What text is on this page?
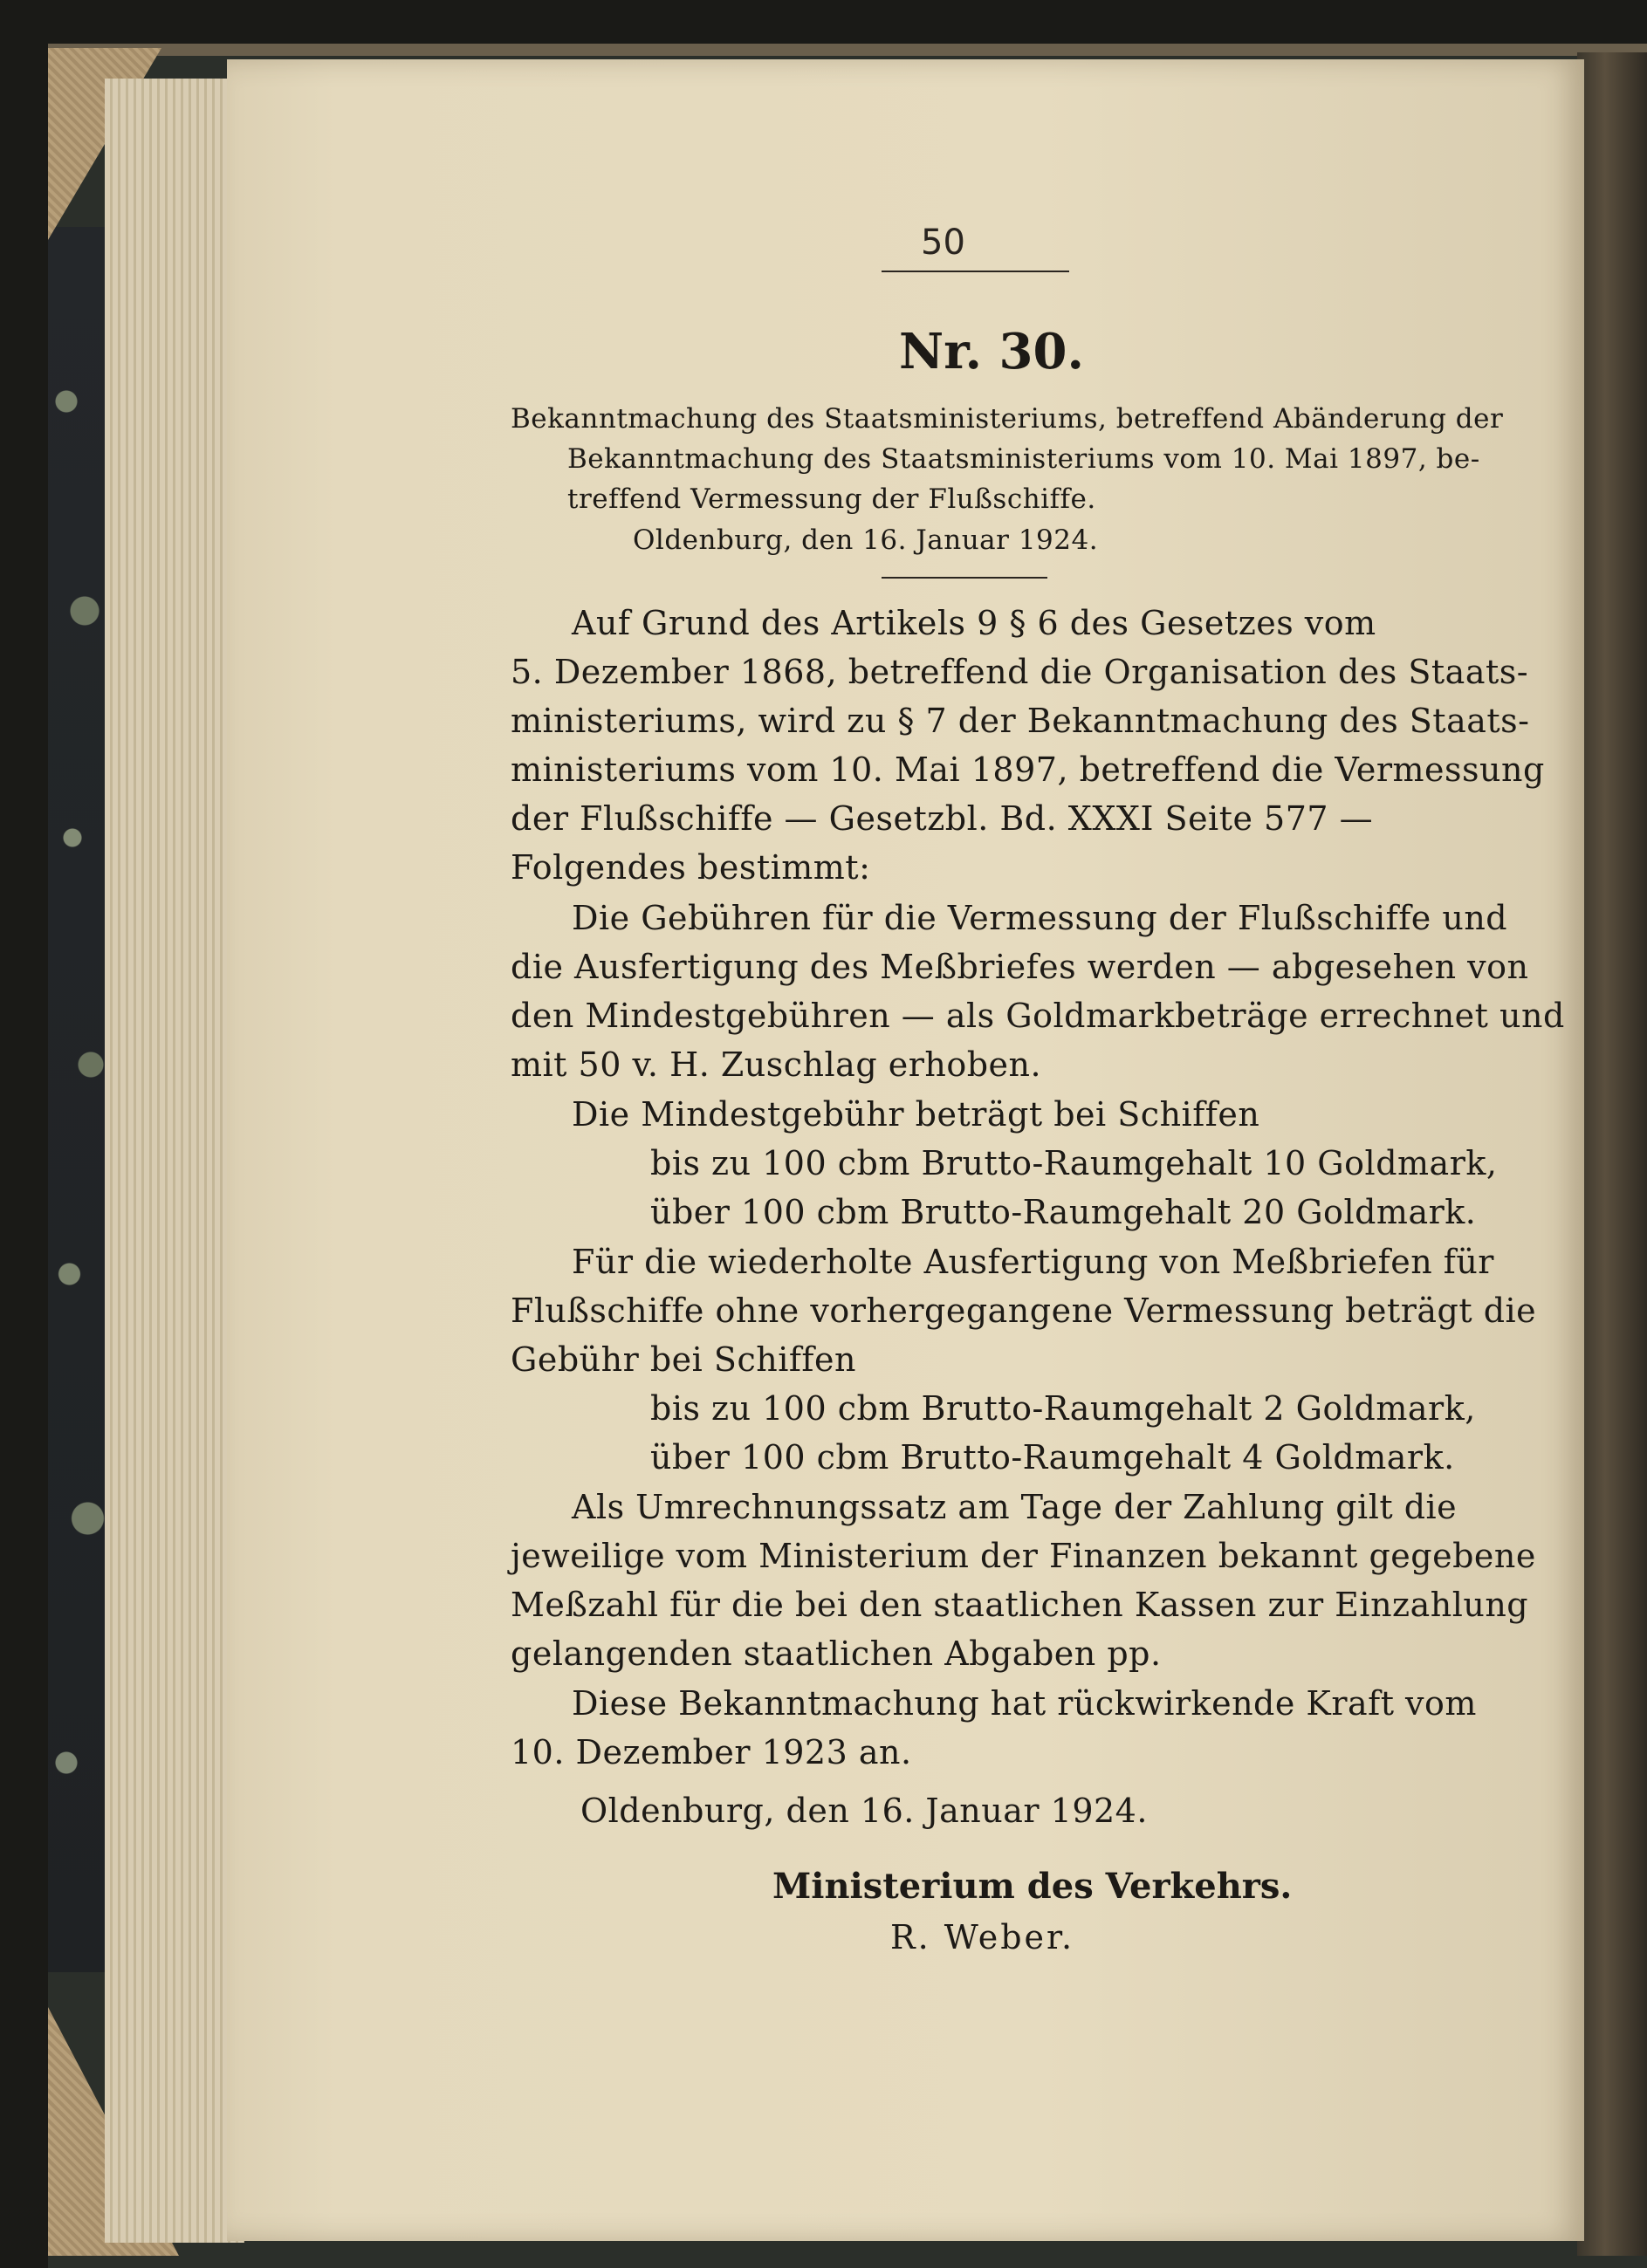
50
Nr. 30.
Bekanntmachung des Staatsministeriums, betreffend Abänderung der
Bekanntmachung des Staatsministeriums vom 10. Mai 1897, be-
treffend Vermessung der Flußschiffe.
Oldenburg, den 16. Januar 1924.
Auf Grund des Artikels 9 § 6 des Gesetzes vom
5. Dezember 1868, betreffend die Organisation des Staats-
ministeriums, wird zu § 7 der Bekanntmachung des Staats-
ministeriums vom 10. Mai 1897, betreffend die Vermessung
der Flußschiffe — Gesetzbl. Bd. XXXI Seite 577 —
Folgendes bestimmt:
Die Gebühren für die Vermessung der Flußschiffe und
die Ausfertigung des Meßbriefes werden — abgesehen von
den Mindestgebühren — als Goldmarkbeträge errechnet und
mit 50 v. H. Zuschlag erhoben.
Die Mindestgebühr beträgt bei Schiffen
bis zu 100 cbm Brutto-Raumgehalt 10 Goldmark,
über 100 cbm Brutto-Raumgehalt 20 Goldmark.
Für die wiederholte Ausfertigung von Meßbriefen für
Flußschiffe ohne vorhergegangene Vermessung beträgt die
Gebühr bei Schiffen
bis zu 100 cbm Brutto-Raumgehalt 2 Goldmark,
über 100 cbm Brutto-Raumgehalt 4 Goldmark.
Als Umrechnungssatz am Tage der Zahlung gilt die
jeweilige vom Ministerium der Finanzen bekannt gegebene
Meßzahl für die bei den staatlichen Kassen zur Einzahlung
gelangenden staatlichen Abgaben pp.
Diese Bekanntmachung hat rückwirkende Kraft vom
10. Dezember 1923 an.
Oldenburg, den 16. Januar 1924.
Ministerium des Verkehrs.
R. Weber.
